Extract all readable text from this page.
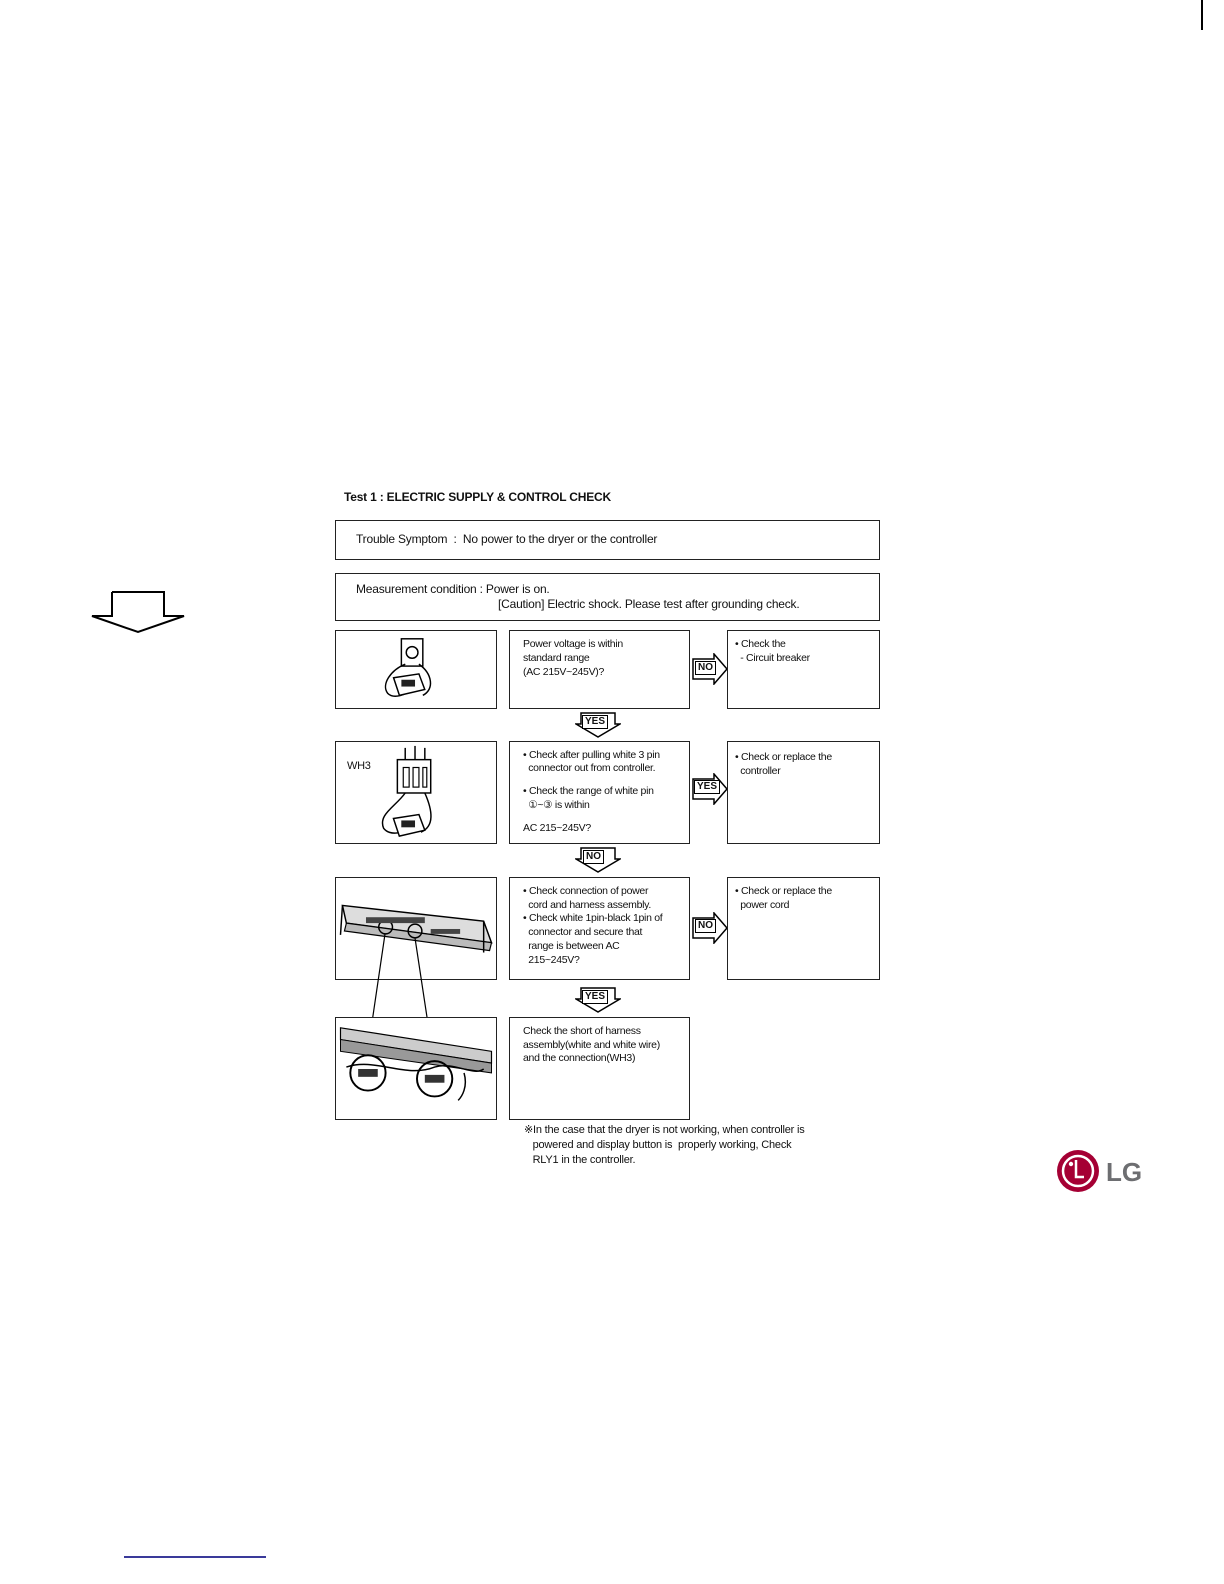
Test 1 : ELECTRIC SUPPLY & CONTROL CHECK
Trouble Symptom  :  No power to the dryer or the controller
Measurement condition : Power is on.
[Caution] Electric shock. Please test after grounding check.
Power voltage is within
standard range
(AC 215V~245V)?	NO
• Check the
- Circuit breaker
YES
WH3
• Check after pulling white 3 pin
connector out from controller.
• Check the range of white pin
①~③ is within
AC 215~245V?
YES
• Check or replace the
controller
NO
• Check connection of power
cord and harness assembly.
• Check white 1pin-black 1pin of
connector and secure that
range is between AC
215~245V?
NO
• Check or replace the
power cord
YES
Check the short of harness
assembly(white and white wire)
and the connection(WH3)
※In the case that the dryer is not working, when controller is
powered and display button is  properly working, Check
RLY1 in the controller.	LG
